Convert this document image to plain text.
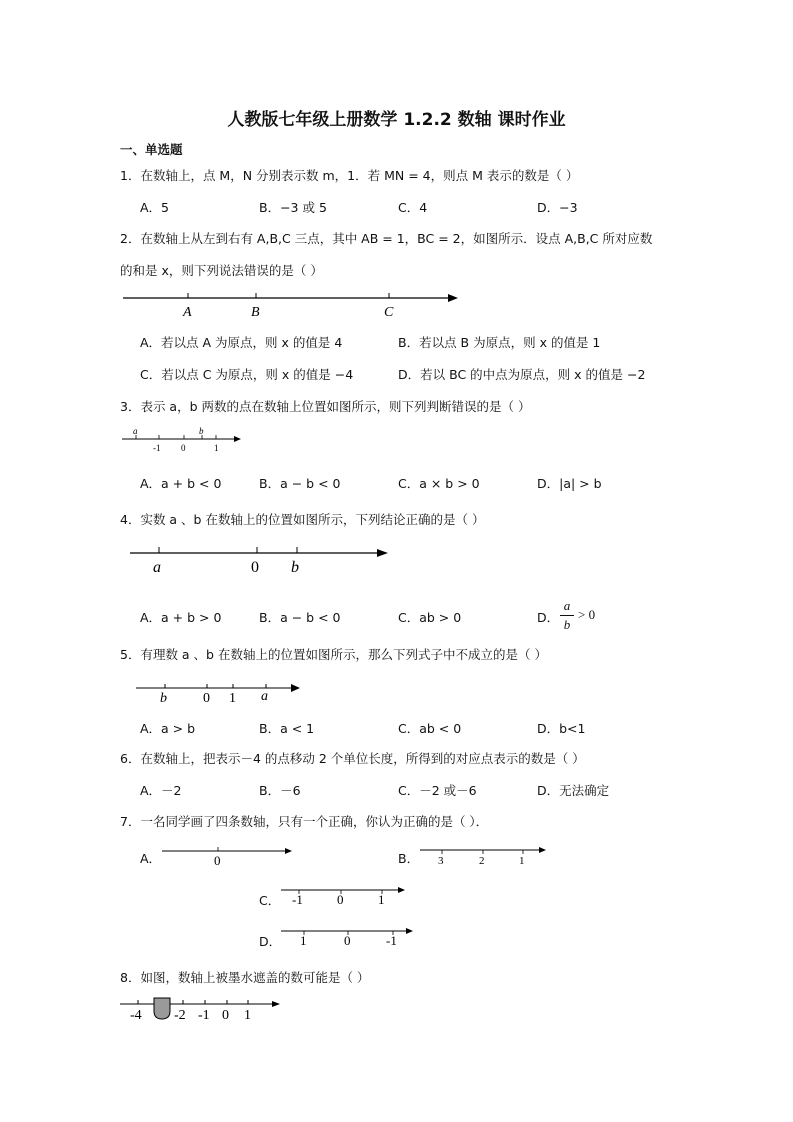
人教版七年级上册数学 1.2.2 数轴 课时作业
一、单选题
1．在数轴上，点 M，N 分别表示数 m，1．若 MN = 4，则点 M 表示的数是（ ）
A．5	B．−3 或 5	C．4	D．−3
2．在数轴上从左到右有 A,B,C 三点，其中 AB = 1，BC = 2，如图所示．设点 A,B,C 所对应数
的和是 x，则下列说法错误的是（ ）
A	B	C
A．若以点 A 为原点，则 x 的值是 4	B．若以点 B 为原点，则 x 的值是 1
C．若以点 C 为原点，则 x 的值是 −4	D．若以 BC 的中点为原点，则 x 的值是 −2
3．表示 a，b 两数的点在数轴上位置如图所示，则下列判断错误的是（ ）
a
-1 0
b
1
A．a + b < 0	B．a − b < 0	C．a × b > 0	D．|a| > b
4．实数 a 、b 在数轴上的位置如图所示，下列结论正确的是（ ）
a	0 b
A．a + b > 0	B．a − b < 0	C．ab > 0	D．
a
b
> 0
5．有理数 a 、b 在数轴上的位置如图所示，那么下列式子中不成立的是（ ）
b	0 1 a
A．a > b	B．a < 1	C．ab < 0	D．b<1
6．在数轴上，把表示－4 的点移动 2 个单位长度，所得到的对应点表示的数是（ ）
A．－2	B．－6	C．－2 或－6	D．无法确定
7．一名同学画了四条数轴，只有一个正确，你认为正确的是（ ）．
A．	B．
C．
D．
0	3	2	1
-1	0	1
1	0	-1
8．如图，数轴上被墨水遮盖的数可能是（ ）
-4 -2 -1 0 1
